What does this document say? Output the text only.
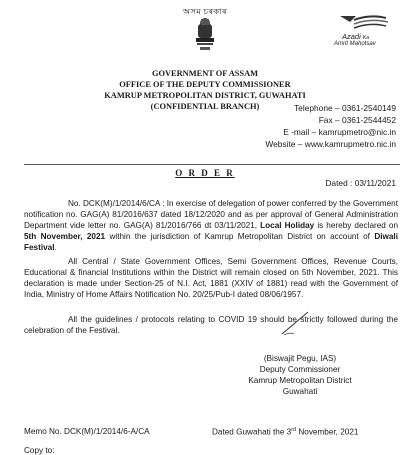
অসম চৰকাৰ
Azadi Ka
Amrit Mahotsav
GOVERNMENT OF ASSAM
OFFICE OF THE DEPUTY COMMISSIONER
KAMRUP METROPOLITAN DISTRICT, GUWAHATI
(CONFIDENTIAL BRANCH)	Telephone – 0361-2540149
Fax – 0361-2544452
E -mail – kamrupmetro@nic.in
Website – www.kamrupmetro.nic.in
O R D E R
Dated : 03/11/2021
No. DCK(M)/1/2014/6/CA : In exercise of delegation of power conferred by the Government notification no. GAG(A) 81/2016/637 dated 18/12/2020 and as per approval of General Administration Department vide letter no. GAG(A) 81/2016/766 dt 03/11/2021, Local Holiday is hereby declared on 5th November, 2021 within the jurisdiction of Kamrup Metropolitan District on account of Diwali Festival.
All Central / State Government Offices, Semi Government Offices, Revenue Courts, Educational & financial Institutions within the District will remain closed on 5th November, 2021. This declaration is made under Section-25 of N.I. Act, 1881 (XXIV of 1881) read with the Government of India, Ministry of Home Affairs Notification No. 20/25/Pub-I dated 08/06/1957.
All the guidelines / protocols relating to COVID 19 should be strictly followed during the celebration of the Festival.
(Biswajit Pegu, IAS)
Deputy Commissioner
Kamrup Metropolitan District
Guwahati
Memo No. DCK(M)/1/2014/6-A/CA	Dated Guwahati the 3rd November, 2021
Copy to:
